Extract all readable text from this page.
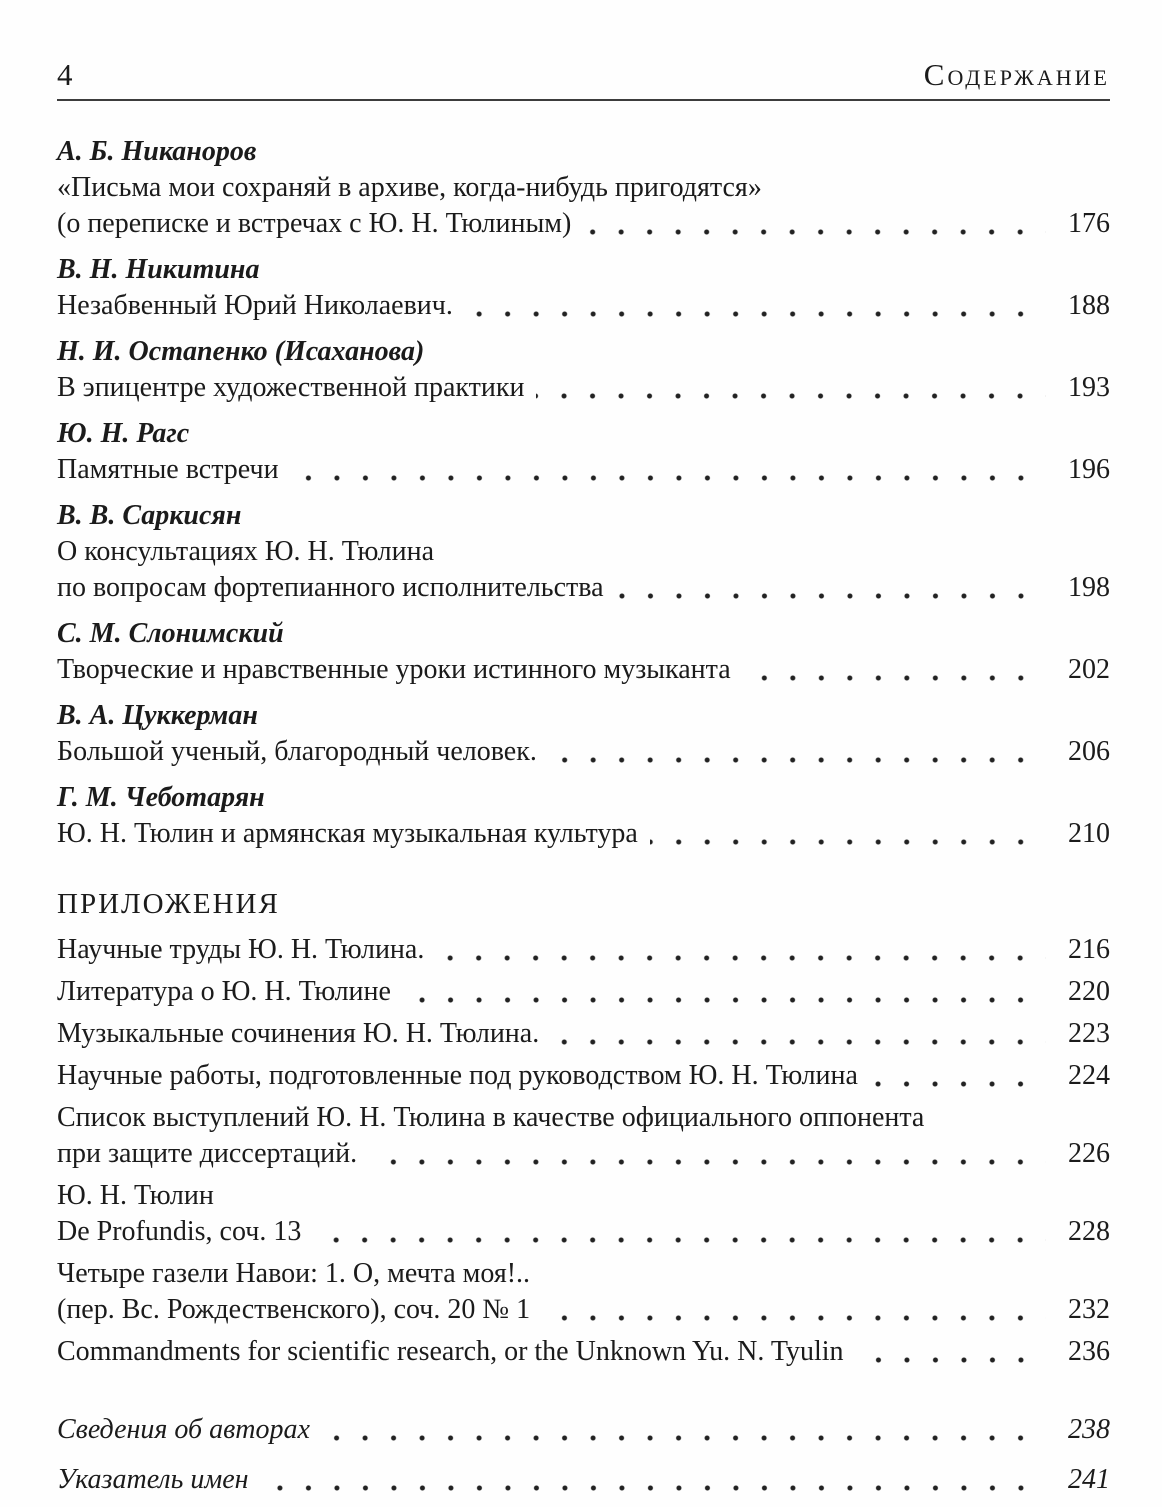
4	Содержание
А. Б. Никаноров
«Письма мои сохраняй в архиве, когда-нибудь пригодятся»
(о переписке и встречах с Ю. Н. Тюлиным)	176
В. Н. Никитина
Незабвенный Юрий Николаевич.	188
Н. И. Остапенко (Исаханова)
В эпицентре художественной практики	193
Ю. Н. Рагс
Памятные встречи	196
В. В. Саркисян
О консультациях Ю. Н. Тюлина
по вопросам фортепианного исполнительства	198
С. М. Слонимский
Творческие и нравственные уроки истинного музыканта	202
В. А. Цуккерман
Большой ученый, благородный человек.	206
Г. М. Чеботарян
Ю. Н. Тюлин и армянская музыкальная культура	210
ПРИЛОЖЕНИЯ
Научные труды Ю. Н. Тюлина.	216
Литература о Ю. Н. Тюлине	220
Музыкальные сочинения Ю. Н. Тюлина.	223
Научные работы, подготовленные под руководством Ю. Н. Тюлина	224
Список выступлений Ю. Н. Тюлина в качестве официального оппонента
при защите диссертаций.	226
Ю. Н. Тюлин
De Profundis, соч. 13	228
Четыре газели Навои: 1. О, мечта моя!..
(пер. Вс. Рождественского), соч. 20 № 1	232
Commandments for scientific research, or the Unknown Yu. N. Tyulin	236
Сведения об авторах	238
Указатель имен	241
